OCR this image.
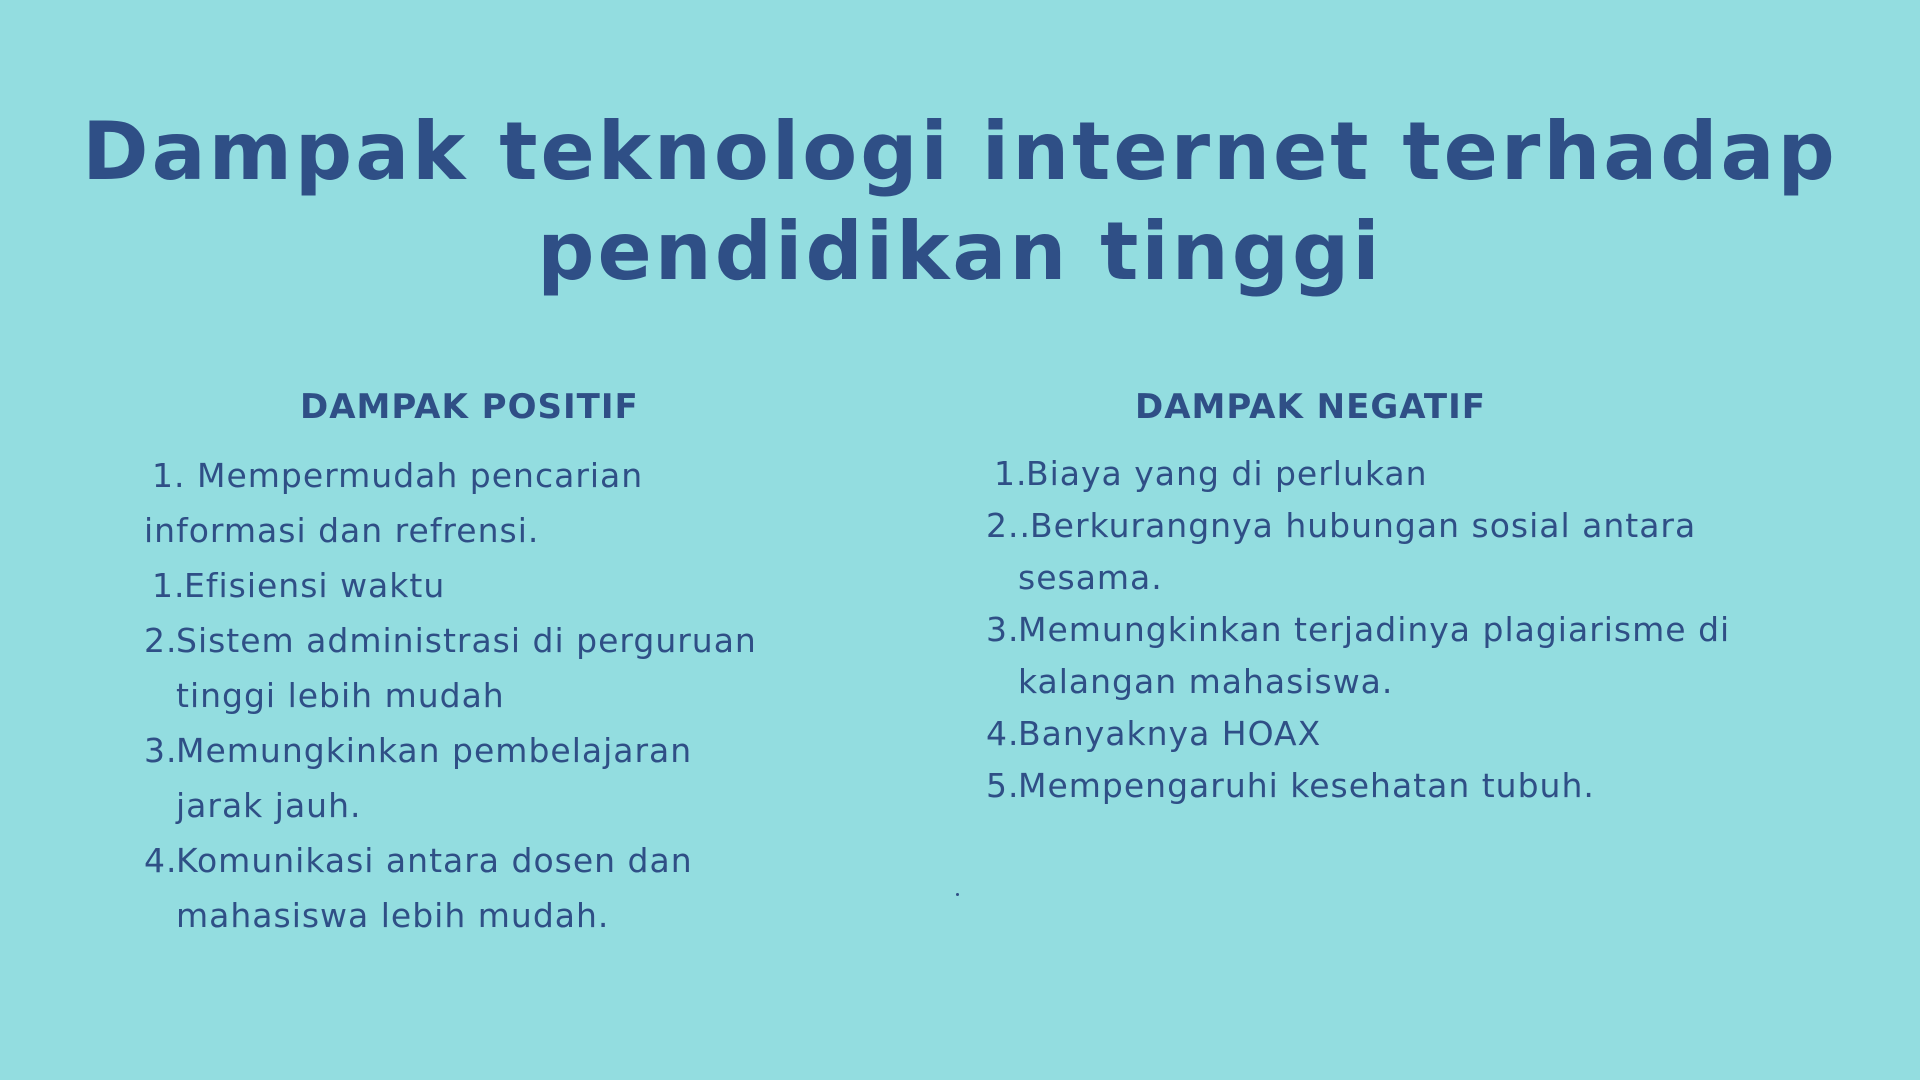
Dampak teknologi internet terhadap
pendidikan tinggi
DAMPAK POSITIF	DAMPAK NEGATIF
1. Mempermudah pencarian
informasi dan refrensi.
1.
Efisiensi waktu
2.
Sistem administrasi di perguruan tinggi lebih mudah
3.
Memungkinkan pembelajaran jarak jauh.
4.
Komunikasi antara dosen dan mahasiswa lebih mudah.
1.
Biaya yang di perlukan
2.. Berkurangnya hubungan sosial antara sesama.
3.
Memungkinkan terjadinya plagiarisme di kalangan mahasiswa.
4.
Banyaknya HOAX
5.
Mempengaruhi kesehatan tubuh.
